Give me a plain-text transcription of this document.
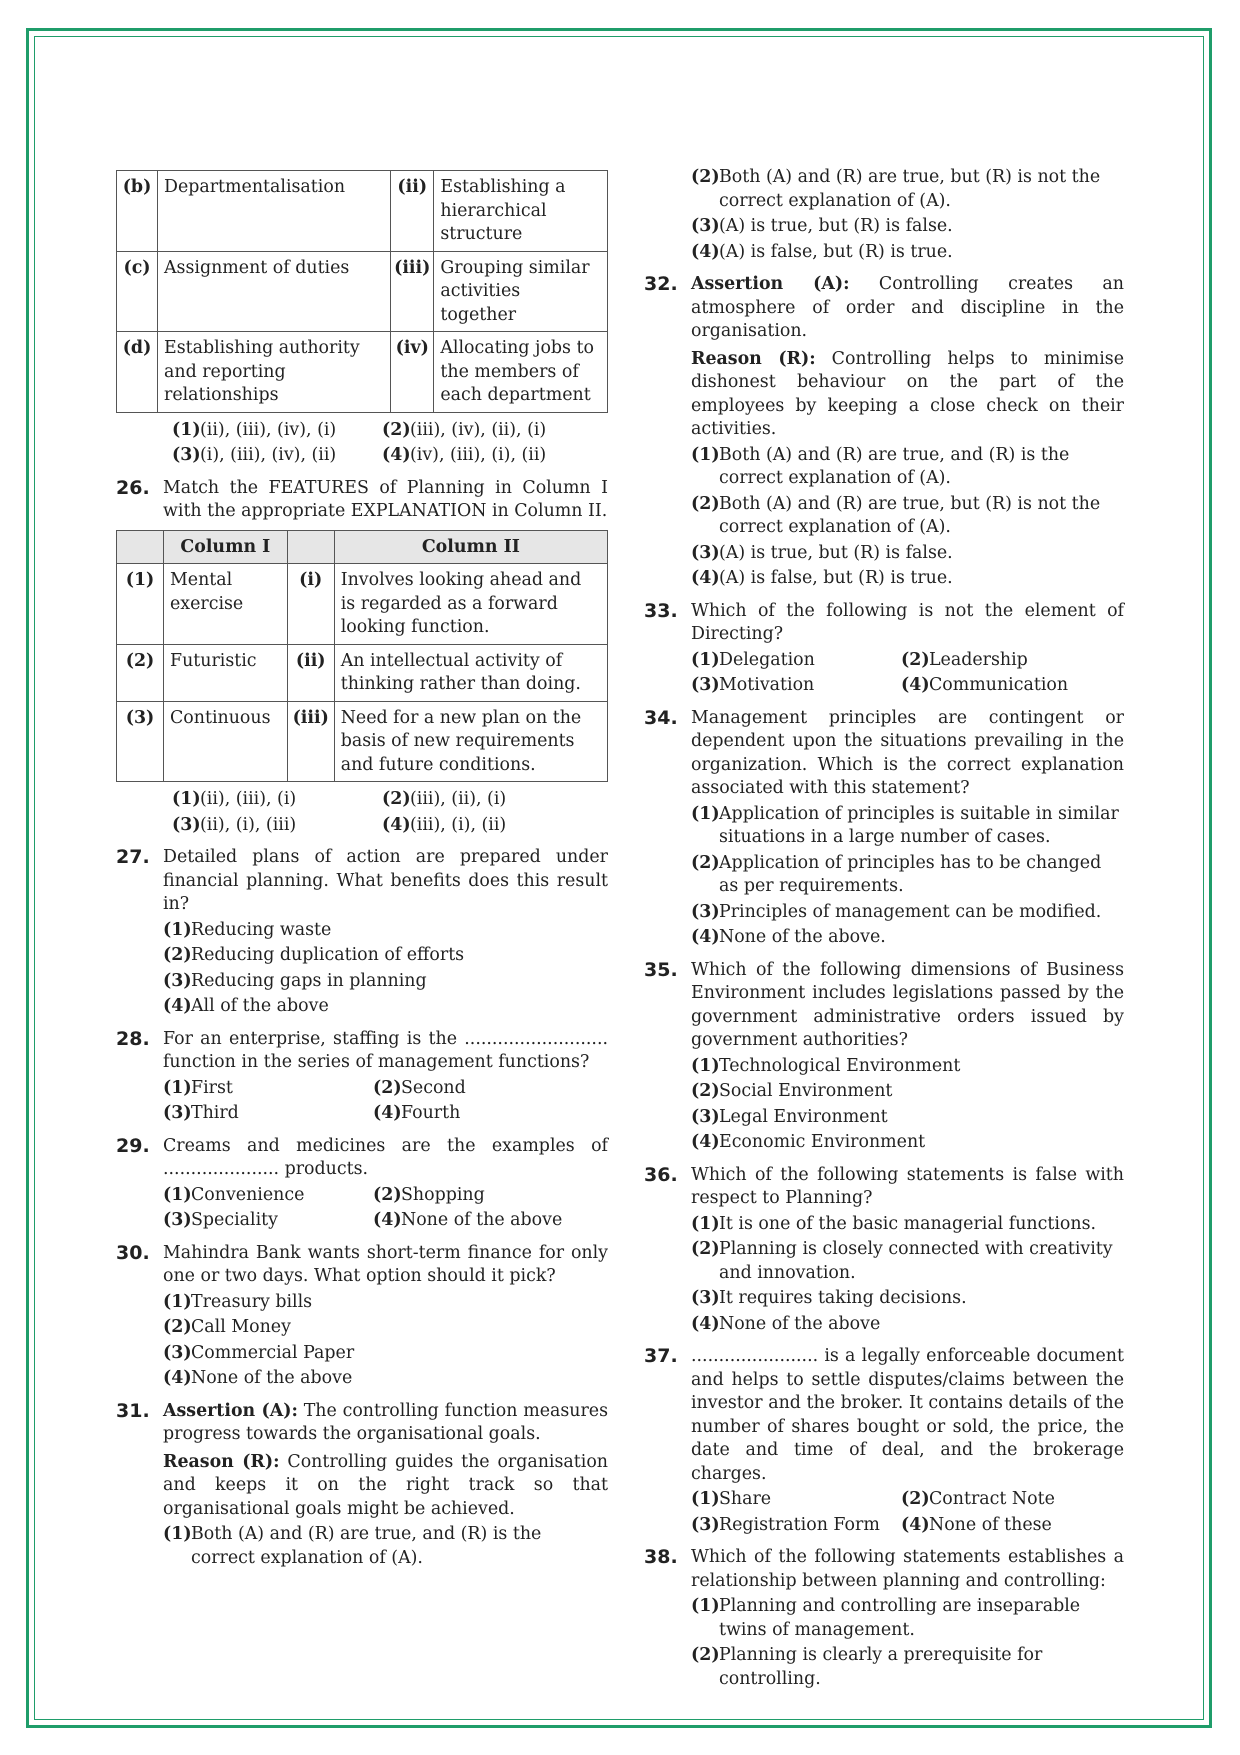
(b)	Departmentalisation	(ii)	Establishing a hierarchical structure
(c)	Assignment of duties	(iii)	Grouping similar activities together
(d)	Establishing authority and reporting relationships	(iv)	Allocating jobs to the members of each department
(1) (ii), (iii), (iv), (i)	(2) (iii), (iv), (ii), (i)
(3) (i), (iii), (iv), (ii)	(4) (iv), (iii), (i), (ii)
26. Match the FEATURES of Planning in Column I with the appropriate EXPLANATION in Column II.
	Column I		Column II
(1)	Mental exercise	(i)	Involves looking ahead and is regarded as a forward looking function.
(2)	Futuristic	(ii)	An intellectual activity of thinking rather than doing.
(3)	Continuous	(iii)	Need for a new plan on the basis of new requirements and future conditions.
(1) (ii), (iii), (i)	(2) (iii), (ii), (i)
(3) (ii), (i), (iii)	(4) (iii), (i), (ii)
27. Detailed plans of action are prepared under financial planning. What benefits does this result in?
(1) Reducing waste
(2) Reducing duplication of efforts
(3) Reducing gaps in planning
(4) All of the above
28. For an enterprise, staffing is the .......................... function in the series of management functions?
(1) First	(2) Second
(3) Third	(4) Fourth
29. Creams and medicines are the examples of ..................... products.
(1) Convenience	(2) Shopping
(3) Speciality	(4) None of the above
30. Mahindra Bank wants short-term finance for only one or two days. What option should it pick?
(1) Treasury bills
(2) Call Money
(3) Commercial Paper
(4) None of the above
31. Assertion (A): The controlling function measures progress towards the organisational goals.
Reason (R): Controlling guides the organisation and keeps it on the right track so that organisational goals might be achieved.
(1) Both (A) and (R) are true, and (R) is the correct explanation of (A).
(2) Both (A) and (R) are true, but (R) is not the correct explanation of (A).
(3) (A) is true, but (R) is false.
(4) (A) is false, but (R) is true.
32. Assertion (A): Controlling creates an atmosphere of order and discipline in the organisation.
Reason (R): Controlling helps to minimise dishonest behaviour on the part of the employees by keeping a close check on their activities.
(1) Both (A) and (R) are true, and (R) is the correct explanation of (A).
(2) Both (A) and (R) are true, but (R) is not the correct explanation of (A).
(3) (A) is true, but (R) is false.
(4) (A) is false, but (R) is true.
33. Which of the following is not the element of Directing?
(1) Delegation	(2) Leadership
(3) Motivation	(4) Communication
34. Management principles are contingent or dependent upon the situations prevailing in the organization. Which is the correct explanation associated with this statement?
(1) Application of principles is suitable in similar situations in a large number of cases.
(2) Application of principles has to be changed as per requirements.
(3) Principles of management can be modified.
(4) None of the above.
35. Which of the following dimensions of Business Environment includes legislations passed by the government administrative orders issued by government authorities?
(1) Technological Environment
(2) Social Environment
(3) Legal Environment
(4) Economic Environment
36. Which of the following statements is false with respect to Planning?
(1) It is one of the basic managerial functions.
(2) Planning is closely connected with creativity and innovation.
(3) It requires taking decisions.
(4) None of the above
37. ....................... is a legally enforceable document and helps to settle disputes/claims between the investor and the broker. It contains details of the number of shares bought or sold, the price, the date and time of deal, and the brokerage charges.
(1) Share	(2) Contract Note
(3) Registration Form	(4) None of these
38. Which of the following statements establishes a relationship between planning and controlling:
(1) Planning and controlling are inseparable twins of management.
(2) Planning is clearly a prerequisite for controlling.
